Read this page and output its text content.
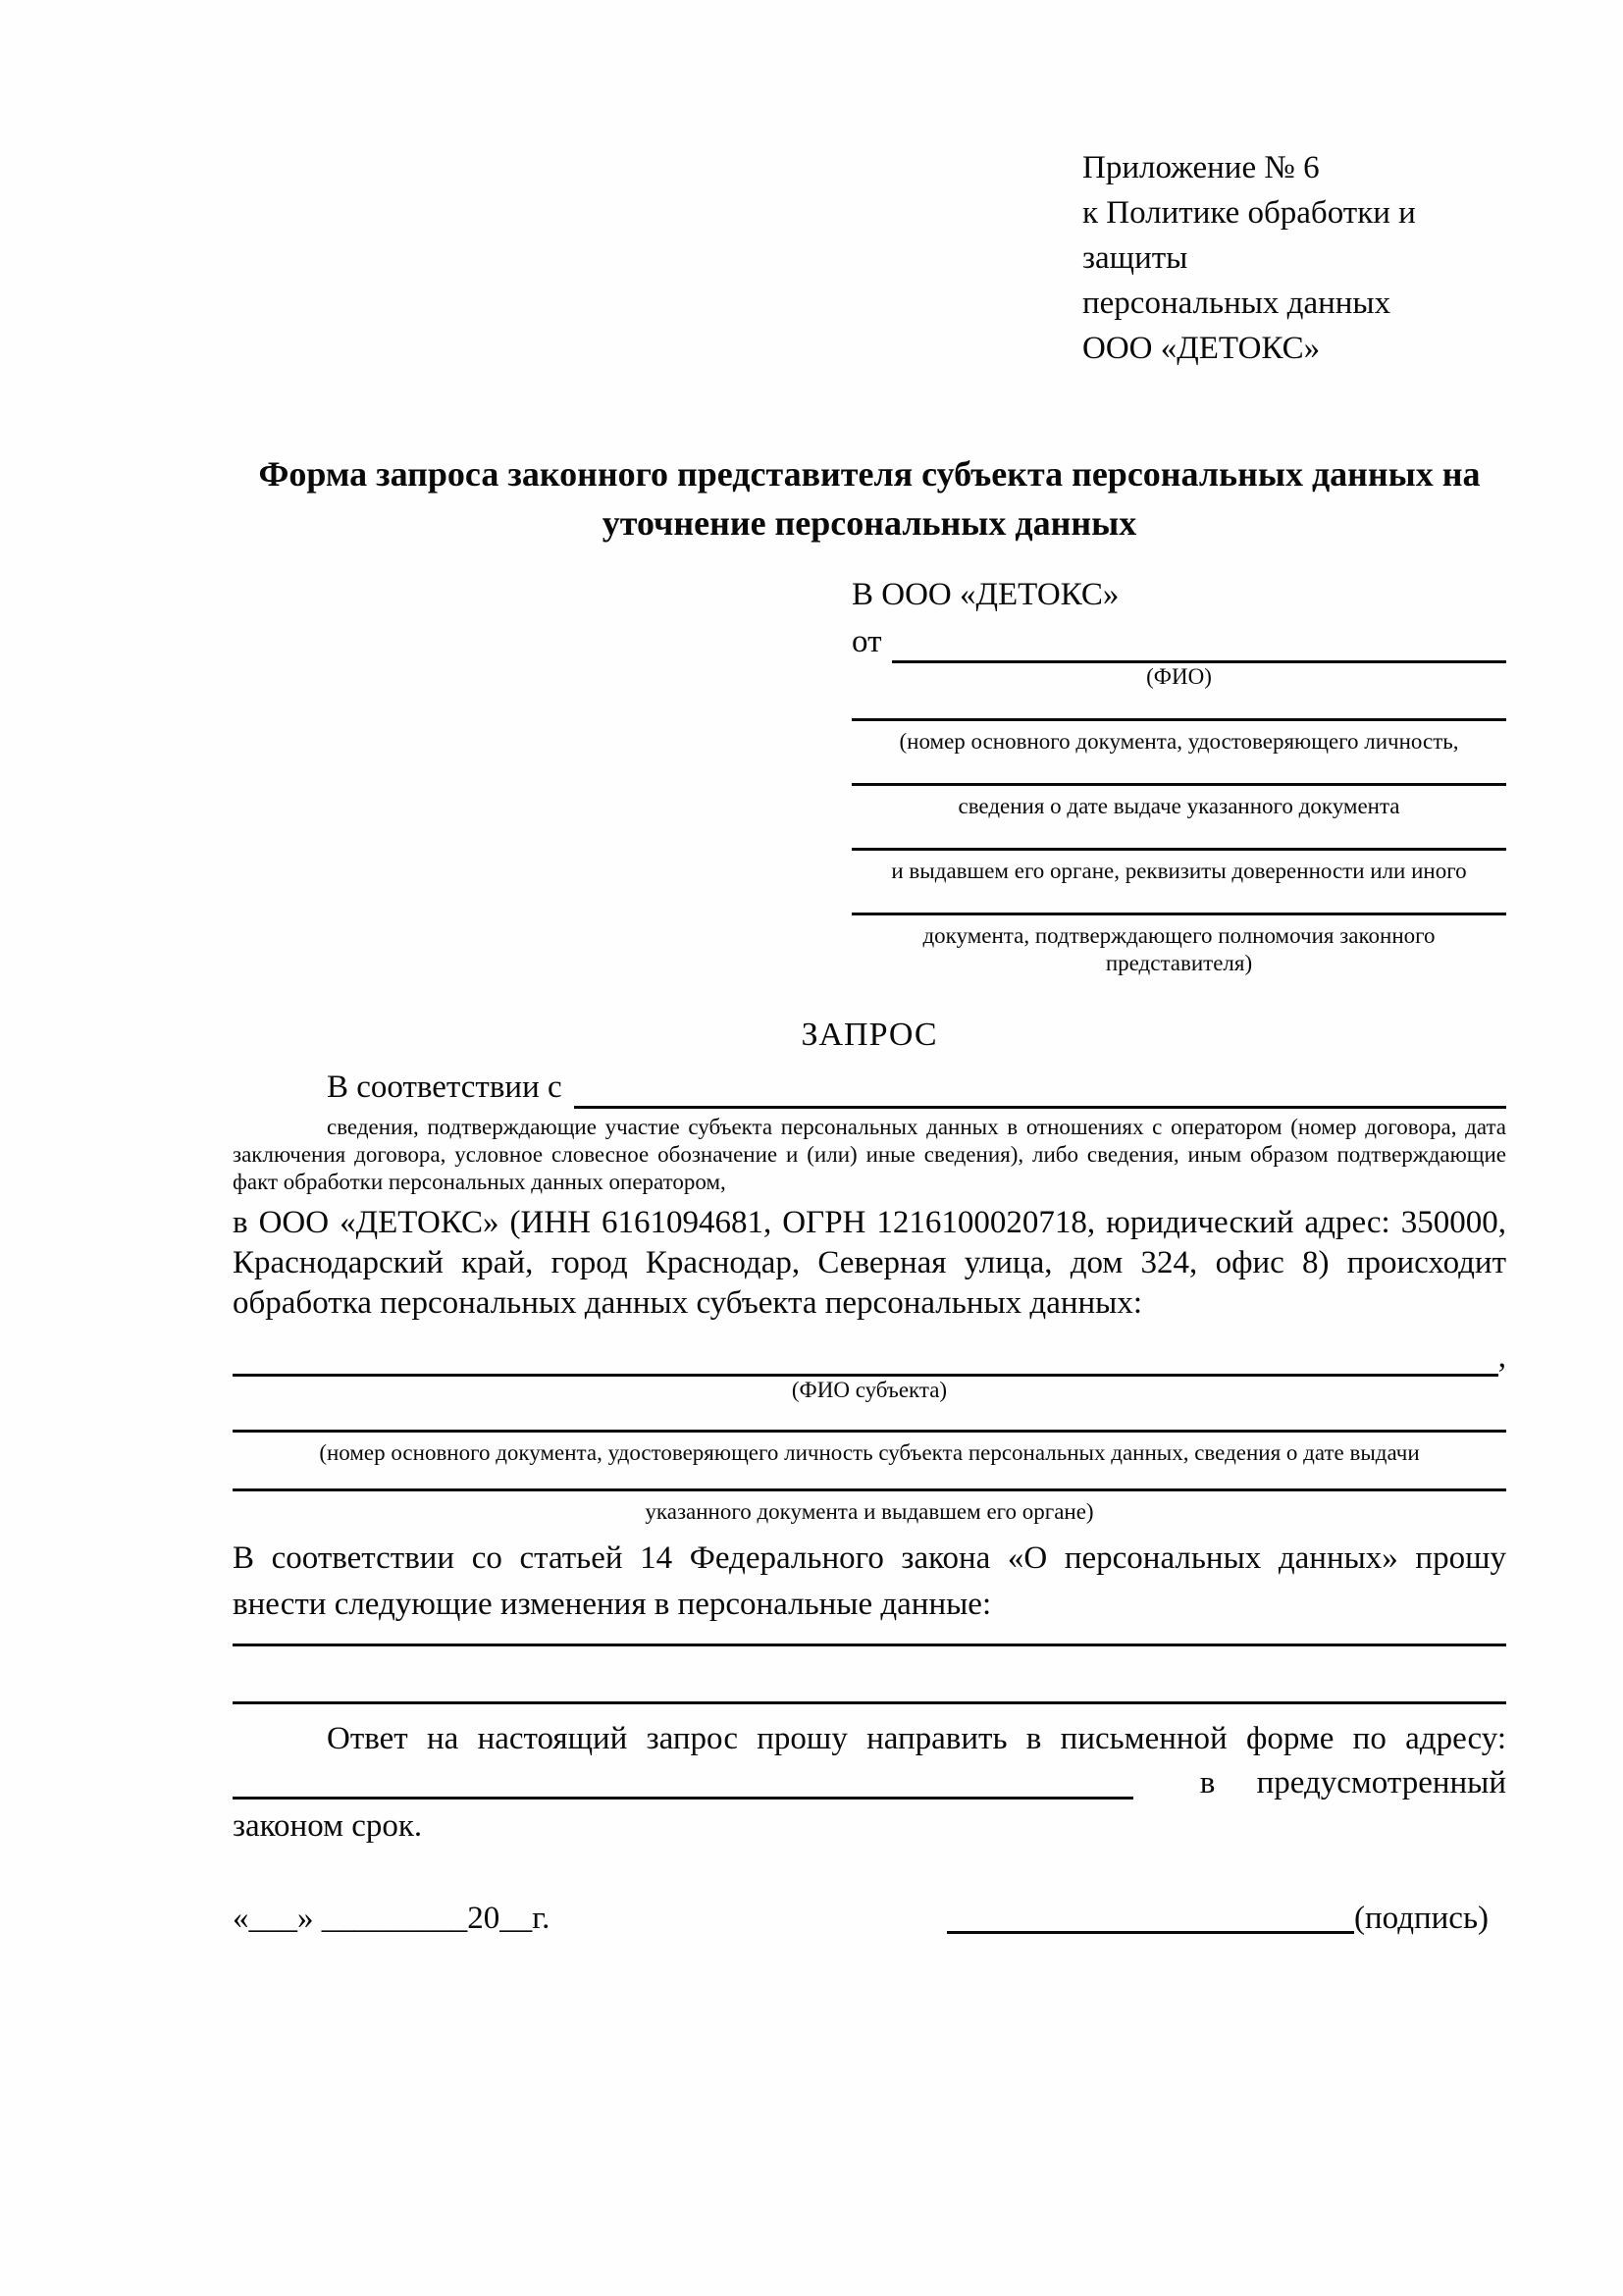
Приложение № 6
к Политике обработки и защиты
персональных данных
ООО «ДЕТОКС»
Форма запроса законного представителя субъекта персональных данных на уточнение персональных данных
В ООО «ДЕТОКС»
от
(ФИО)
(номер основного документа, удостоверяющего личность,
сведения о дате выдаче указанного документа
и выдавшем его органе, реквизиты доверенности или иного
документа, подтверждающего полномочия законного представителя)
ЗАПРОС
В соответствии с
сведения, подтверждающие участие субъекта персональных данных в отношениях с оператором (номер договора, дата заключения договора, условное словесное обозначение и (или) иные сведения), либо сведения, иным образом подтверждающие факт обработки персональных данных оператором,
в ООО «ДЕТОКС» (ИНН 6161094681, ОГРН 1216100020718, юридический адрес: 350000, Краснодарский край, город Краснодар, Северная улица, дом 324, офис 8) происходит обработка персональных данных субъекта персональных данных:
,
(ФИО субъекта)
(номер основного документа, удостоверяющего личность субъекта персональных данных, сведения о дате выдачи
указанного документа и выдавшем его органе)
В соответствии со статьей 14 Федерального закона «О персональных данных» прошу внести следующие изменения в персональные данные:
Ответ на настоящий запрос прошу направить в письменной форме по адресу:
в предусмотренный
законом срок.
«___» _________20__г.	(подпись)
